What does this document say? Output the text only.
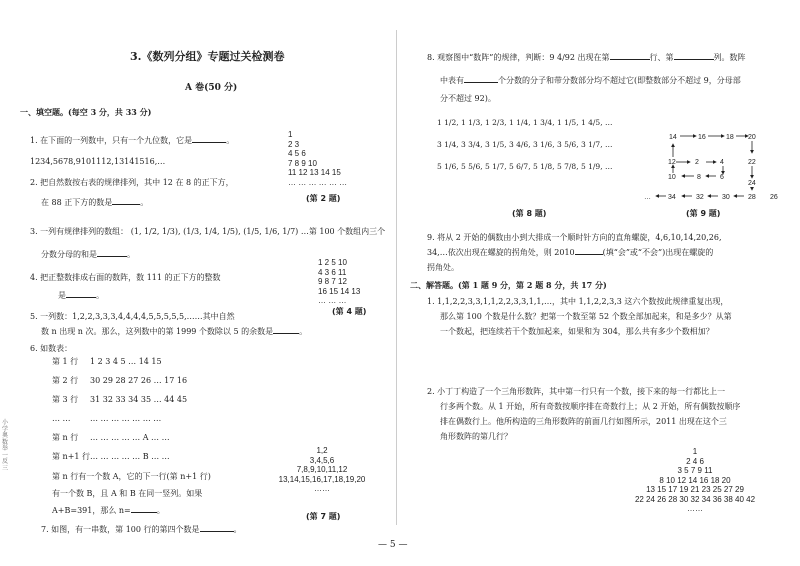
3.《数列分组》专题过关检测卷
A 卷(50 分)
一、填空题。(每空 3 分，共 33 分)
1. 在下面的一列数中，只有一个九位数，它是	。
1234,5678,9101112,13141516,…
1
2 3
4 5 6
7 8 9 10
11 12 13 14 15
… … … … … …
(第 2 题)
2. 把自然数按右表的规律排列，其中 12 在 8 的正下方，
在 88 正下方的数是	。
3. 一列有规律排列的数组： (1, 1/2, 1/3), (1/3, 1/4, 1/5), (1/5, 1/6, 1/7) …第 100 个数组内三个
分数分母的和是	。
4. 把正整数排成右面的数阵，数 111 的正下方的整数
是	。
1 2 5 10
4 3 6 11
9 8 7 12
16 15 14 13
… … …
(第 4 题)
5. 一列数：1,2,2,3,3,3,4,4,4,4,5,5,5,5,5,……其中自然
数 n 出现 n 次。那么，这列数中的第 1999 个数除以 5 的余数是	。
6. 如数表：
第 1 行 1 2 3 4 5 … 14 15
第 2 行 30 29 28 27 26 … 17 16
第 3 行 31 32 33 34 35 … 44 45
… … … … … … … … …
第 n 行 … … … … … A … …
第 n+1 行… … … … … B … …
第 n 行有一个数 A，它的下一行(第 n+1 行)
有一个数 B，且 A 和 B 在同一竖列。如果
A+B=391，那么 n=	。
1,2
3,4,5,6
7,8,9,10,11,12
13,14,15,16,17,18,19,20
……
(第 7 题)
7. 如图，有一串数，第 100 行的第四个数是	。
小学奥数举一反三
8. 观察图中“数阵”的规律，判断：9 4/92 出现在第	行、第	列。数阵
中表有	个分数的分子和带分数部分均不超过它(即整数部分不超过 9，分母部
分不超过 92)。
1 1/2, 1 1/3, 1 2/3, 1 1/4, 1 3/4, 1 1/5, 1 4/5, …
3 1/4, 3 3/4, 3 1/5, 3 4/6, 3 1/6, 3 5/6, 3 1/7, …
5 1/6, 5 5/6, 5 1/7, 5 6/7, 5 1/8, 5 7/8, 5 1/9, …
(第 8 题)
14	16	18 20
12	2	4	22
10	8	6
24
34	32	30	28 26
…
(第 9 题)
9. 将从 2 开始的偶数由小到大排成一个顺时针方向的直角螺旋，4,6,10,14,20,26,
34,…依次出现在螺旋的拐角处，则 2010	(填“会”或“不会”)出现在螺旋的
拐角处。
二、解答题。(第 1 题 9 分，第 2 题 8 分，共 17 分)
1. 1,1,2,2,3,3,1,1,2,2,3,3,1,1,…，其中 1,1,2,2,3,3 这六个数按此规律重复出现，
那么第 100 个数是什么数？把第一个数至第 52 个数全部加起来，和是多少？从第
一个数起，把连续若干个数加起来，如果和为 304，那么共有多少个数相加？
2. 小丁丁构造了一个三角形数阵，其中第一行只有一个数，接下来的每一行都比上一
行多两个数。从 1 开始，所有奇数按顺序排在奇数行上；从 2 开始，所有偶数按顺序
排在偶数行上。他所构造的三角形数阵的前面几行如图所示，2011 出现在这个三
角形数阵的第几行？
1
2 4 6
3 5 7 9 11
8 10 12 14 16 18 20
13 15 17 19 21 23 25 27 29
22 24 26 28 30 32 34 36 38 40 42
……
— 5 —
